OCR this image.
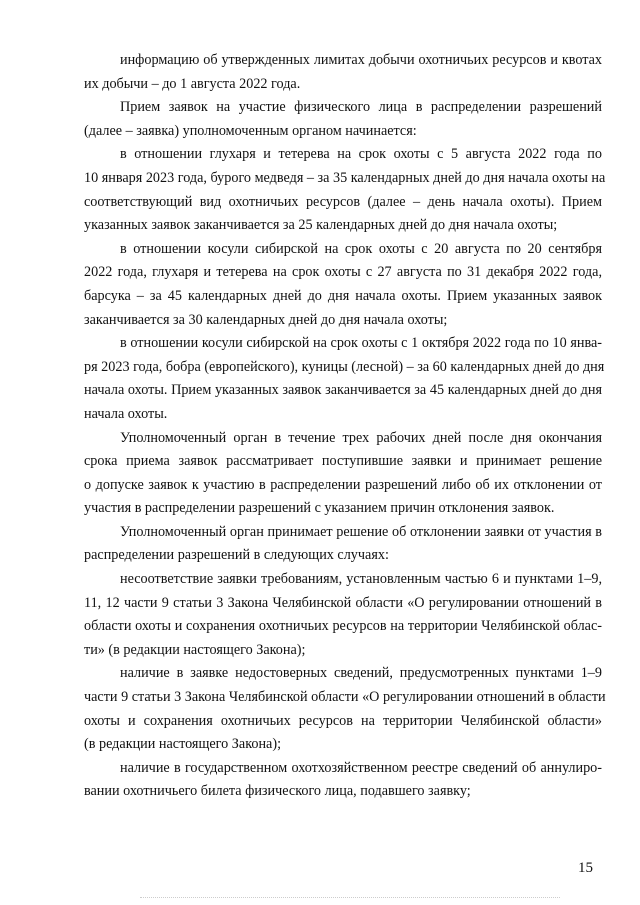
информацию об утвержденных лимитах добычи охотничьих ресурсов и квотах
их добычи – до 1 августа 2022 года.
Прием заявок на участие физического лица в распределении разрешений
(далее – заявка) уполномоченным органом начинается:
в отношении глухаря и тетерева на срок охоты с 5 августа 2022 года по
10 января 2023 года, бурого медведя – за 35 календарных дней до дня начала охоты на
соответствующий вид охотничьих ресурсов (далее – день начала охоты). Прием
указанных заявок заканчивается за 25 календарных дней до дня начала охоты;
в отношении косули сибирской на срок охоты с 20 августа по 20 сентября
2022 года, глухаря и тетерева на срок охоты с 27 августа по 31 декабря 2022 года,
барсука – за 45 календарных дней до дня начала охоты. Прием указанных заявок
заканчивается за 30 календарных дней до дня начала охоты;
в отношении косули сибирской на срок охоты с 1 октября 2022 года по 10 янва-
ря 2023 года, бобра (европейского), куницы (лесной) – за 60 календарных дней до дня
начала охоты. Прием указанных заявок заканчивается за 45 календарных дней до дня
начала охоты.
Уполномоченный орган в течение трех рабочих дней после дня окончания
срока приема заявок рассматривает поступившие заявки и принимает решение
о допуске заявок к участию в распределении разрешений либо об их отклонении от
участия в распределении разрешений с указанием причин отклонения заявок.
Уполномоченный орган принимает решение об отклонении заявки от участия в
распределении разрешений в следующих случаях:
несоответствие заявки требованиям, установленным частью 6 и пунктами 1–9,
11, 12 части 9 статьи 3 Закона Челябинской области «О регулировании отношений в
области охоты и сохранения охотничьих ресурсов на территории Челябинской облас-
ти» (в редакции настоящего Закона);
наличие в заявке недостоверных сведений, предусмотренных пунктами 1–9
части 9 статьи 3 Закона Челябинской области «О регулировании отношений в области
охоты и сохранения охотничьих ресурсов на территории Челябинской области»
(в редакции настоящего Закона);
наличие в государственном охотхозяйственном реестре сведений об аннулиро-
вании охотничьего билета физического лица, подавшего заявку;
15
